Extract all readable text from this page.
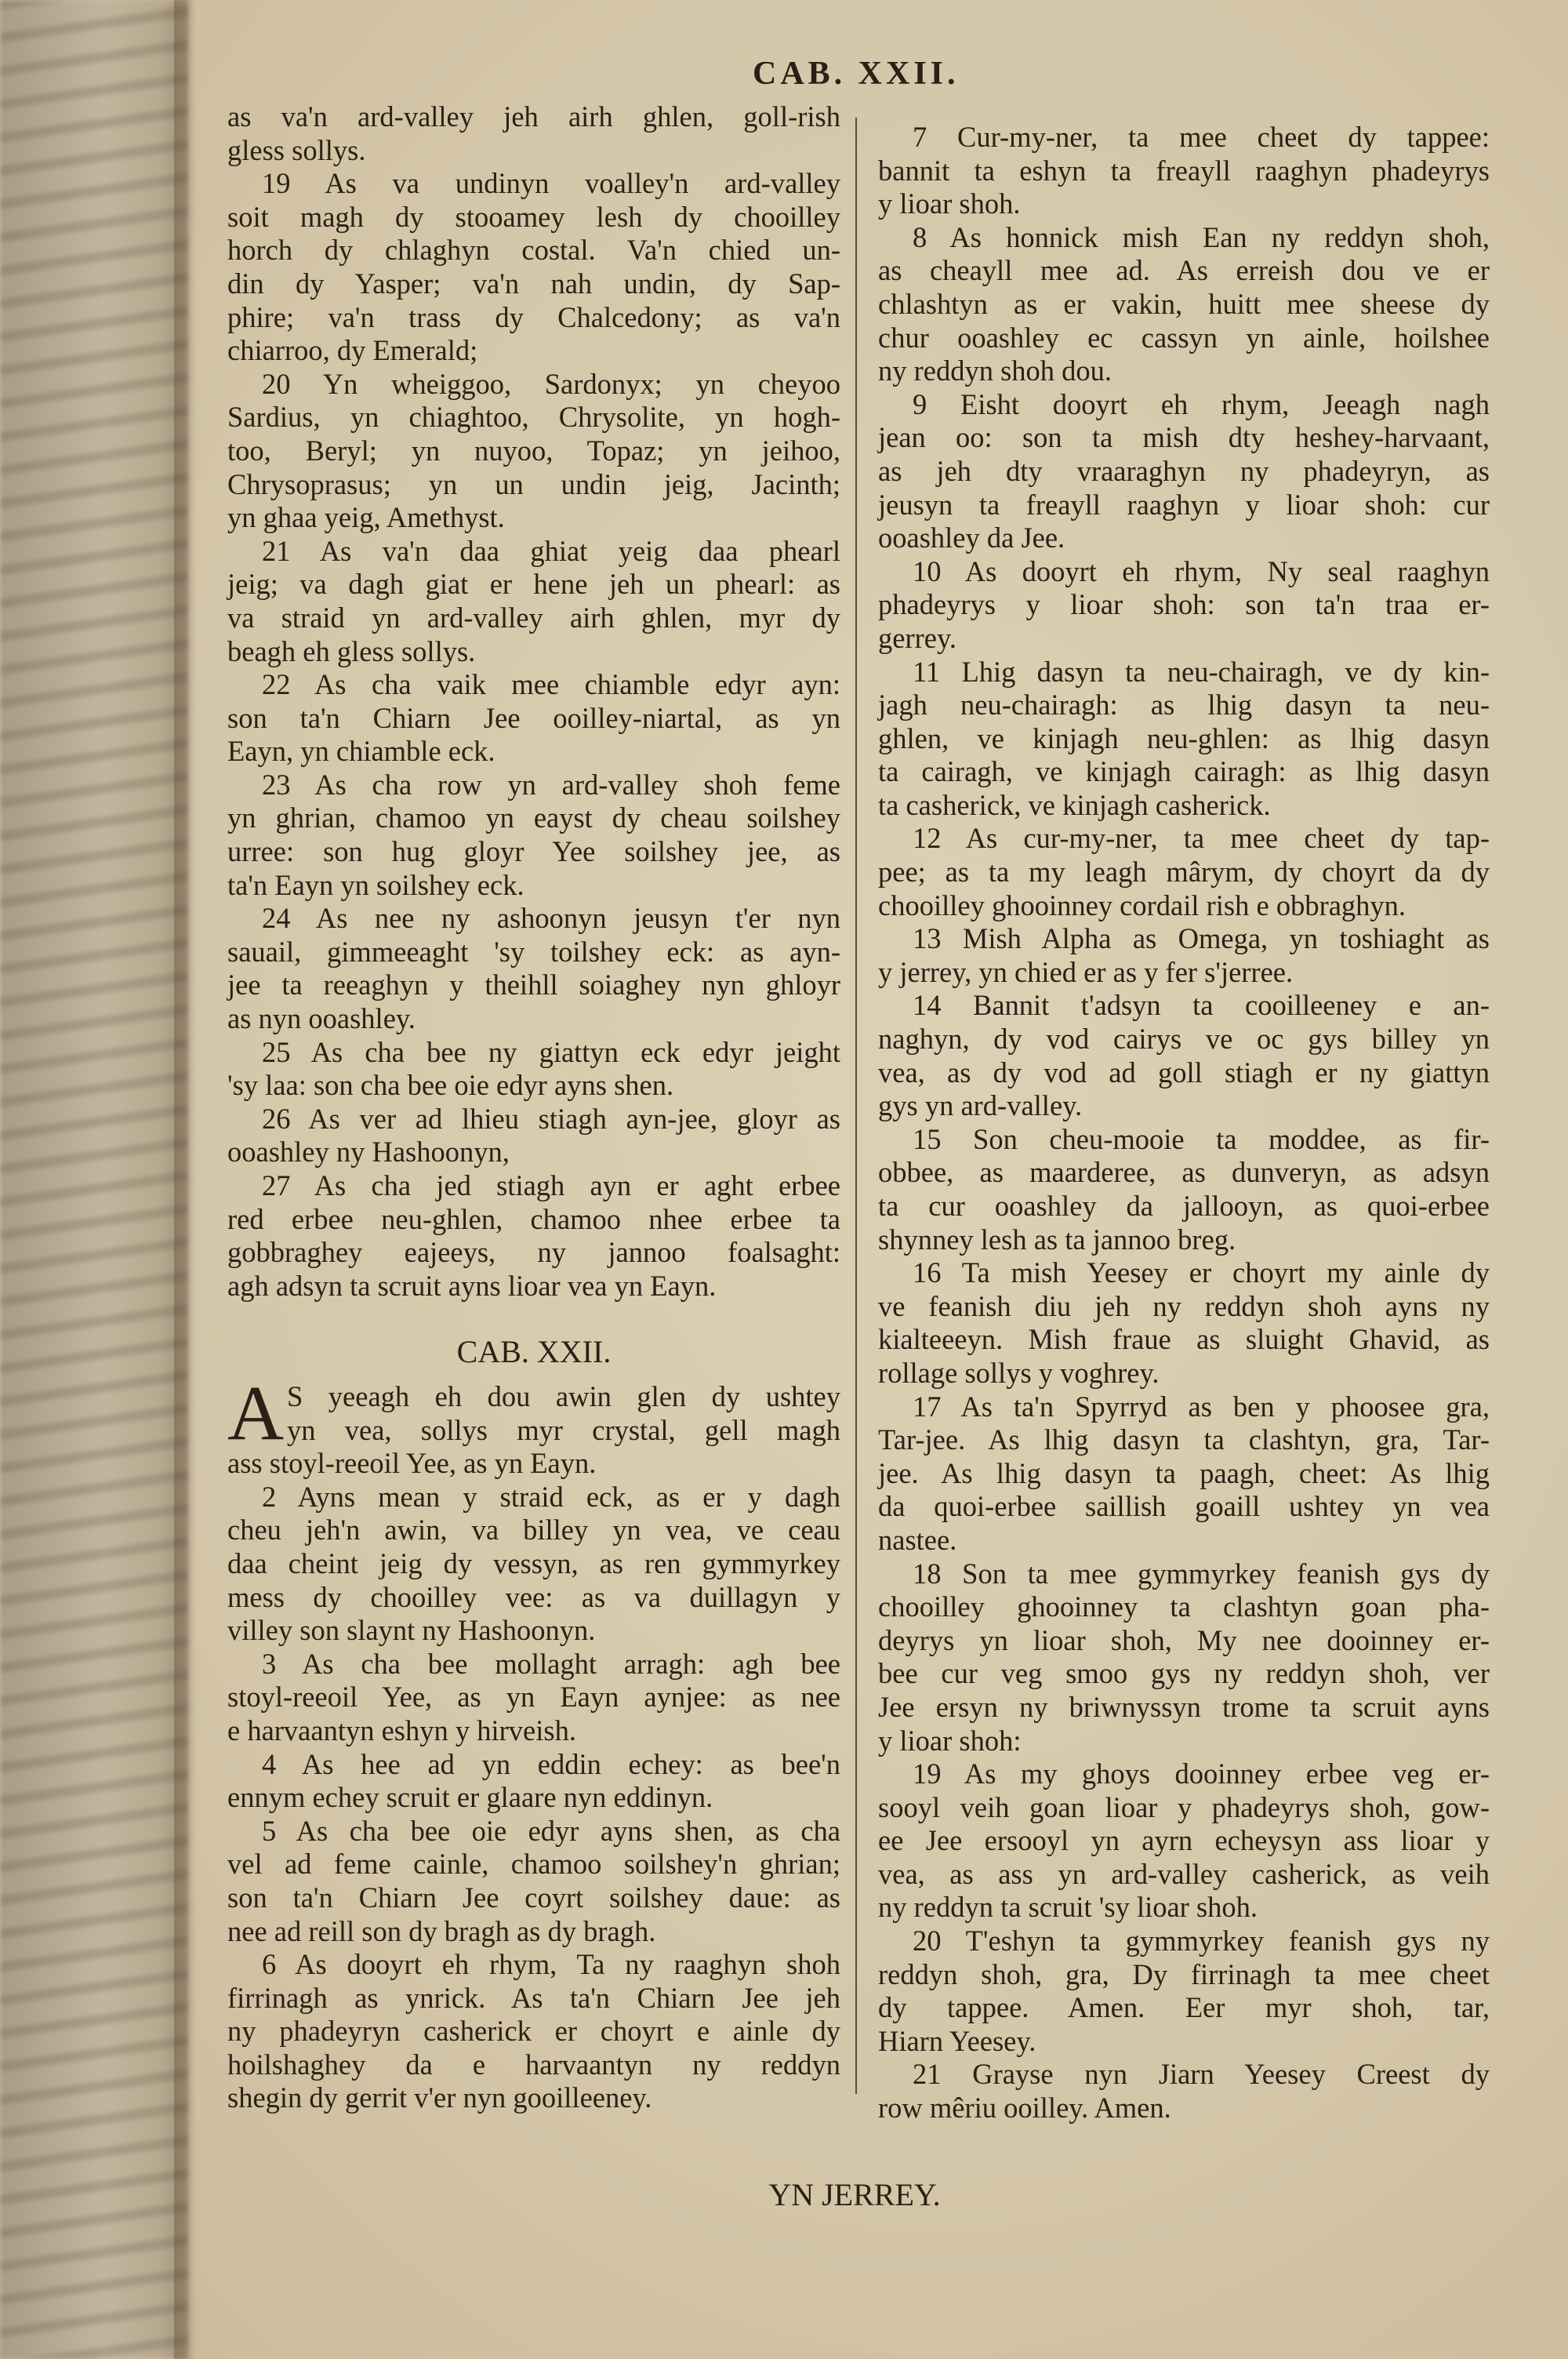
CAB. XXII.
as va'n ard-valley jeh airh ghlen, goll-rish
gless sollys.
19 As va undinyn voalley'n ard-valley
soit magh dy stooamey lesh dy chooilley
horch dy chlaghyn costal. Va'n chied un-
din dy Yasper; va'n nah undin, dy Sap-
phire; va'n trass dy Chalcedony; as va'n
chiarroo, dy Emerald;
20 Yn wheiggoo, Sardonyx; yn cheyoo
Sardius, yn chiaghtoo, Chrysolite, yn hogh-
too, Beryl; yn nuyoo, Topaz; yn jeihoo,
Chrysoprasus; yn un undin jeig, Jacinth;
yn ghaa yeig, Amethyst.
21 As va'n daa ghiat yeig daa phearl
jeig; va dagh giat er hene jeh un phearl: as
va straid yn ard-valley airh ghlen, myr dy
beagh eh gless sollys.
22 As cha vaik mee chiamble edyr ayn:
son ta'n Chiarn Jee ooilley-niartal, as yn
Eayn, yn chiamble eck.
23 As cha row yn ard-valley shoh feme
yn ghrian, chamoo yn eayst dy cheau soilshey
urree: son hug gloyr Yee soilshey jee, as
ta'n Eayn yn soilshey eck.
24 As nee ny ashoonyn jeusyn t'er nyn
sauail, gimmeeaght 'sy toilshey eck: as ayn-
jee ta reeaghyn y theihll soiaghey nyn ghloyr
as nyn ooashley.
25 As cha bee ny giattyn eck edyr jeight
'sy laa: son cha bee oie edyr ayns shen.
26 As ver ad lhieu stiagh ayn-jee, gloyr as
ooashley ny Hashoonyn,
27 As cha jed stiagh ayn er aght erbee
red erbee neu-ghlen, chamoo nhee erbee ta
gobbraghey eajeeys, ny jannoo foalsaght:
agh adsyn ta scruit ayns lioar vea yn Eayn.
CAB. XXII.
A S yeeagh eh dou awin glen dy ushtey
yn vea, sollys myr crystal, gell magh
ass stoyl-reeoil Yee, as yn Eayn.
2 Ayns mean y straid eck, as er y dagh
cheu jeh'n awin, va billey yn vea, ve ceau
daa cheint jeig dy vessyn, as ren gymmyrkey
mess dy chooilley vee: as va duillagyn y
villey son slaynt ny Hashoonyn.
3 As cha bee mollaght arragh: agh bee
stoyl-reeoil Yee, as yn Eayn aynjee: as nee
e harvaantyn eshyn y hirveish.
4 As hee ad yn eddin echey: as bee'n
ennym echey scruit er glaare nyn eddinyn.
5 As cha bee oie edyr ayns shen, as cha
vel ad feme cainle, chamoo soilshey'n ghrian;
son ta'n Chiarn Jee coyrt soilshey daue: as
nee ad reill son dy bragh as dy bragh.
6 As dooyrt eh rhym, Ta ny raaghyn shoh
firrinagh as ynrick. As ta'n Chiarn Jee jeh
ny phadeyryn casherick er choyrt e ainle dy
hoilshaghey da e harvaantyn ny reddyn
shegin dy gerrit v'er nyn gooilleeney.
7 Cur-my-ner, ta mee cheet dy tappee:
bannit ta eshyn ta freayll raaghyn phadeyrys
y lioar shoh.
8 As honnick mish Ean ny reddyn shoh,
as cheayll mee ad. As erreish dou ve er
chlashtyn as er vakin, huitt mee sheese dy
chur ooashley ec cassyn yn ainle, hoilshee
ny reddyn shoh dou.
9 Eisht dooyrt eh rhym, Jeeagh nagh
jean oo: son ta mish dty heshey-harvaant,
as jeh dty vraaraghyn ny phadeyryn, as
jeusyn ta freayll raaghyn y lioar shoh: cur
ooashley da Jee.
10 As dooyrt eh rhym, Ny seal raaghyn
phadeyrys y lioar shoh: son ta'n traa er-
gerrey.
11 Lhig dasyn ta neu-chairagh, ve dy kin-
jagh neu-chairagh: as lhig dasyn ta neu-
ghlen, ve kinjagh neu-ghlen: as lhig dasyn
ta cairagh, ve kinjagh cairagh: as lhig dasyn
ta casherick, ve kinjagh casherick.
12 As cur-my-ner, ta mee cheet dy tap-
pee; as ta my leagh mârym, dy choyrt da dy
chooilley ghooinney cordail rish e obbraghyn.
13 Mish Alpha as Omega, yn toshiaght as
y jerrey, yn chied er as y fer s'jerree.
14 Bannit t'adsyn ta cooilleeney e an-
naghyn, dy vod cairys ve oc gys billey yn
vea, as dy vod ad goll stiagh er ny giattyn
gys yn ard-valley.
15 Son cheu-mooie ta moddee, as fir-
obbee, as maarderee, as dunveryn, as adsyn
ta cur ooashley da jallooyn, as quoi-erbee
shynney lesh as ta jannoo breg.
16 Ta mish Yeesey er choyrt my ainle dy
ve feanish diu jeh ny reddyn shoh ayns ny
kialteeeyn. Mish fraue as sluight Ghavid, as
rollage sollys y voghrey.
17 As ta'n Spyrryd as ben y phoosee gra,
Tar-jee. As lhig dasyn ta clashtyn, gra, Tar-
jee. As lhig dasyn ta paagh, cheet: As lhig
da quoi-erbee saillish goaill ushtey yn vea
nastee.
18 Son ta mee gymmyrkey feanish gys dy
chooilley ghooinney ta clashtyn goan pha-
deyrys yn lioar shoh, My nee dooinney er-
bee cur veg smoo gys ny reddyn shoh, ver
Jee ersyn ny briwnyssyn trome ta scruit ayns
y lioar shoh:
19 As my ghoys dooinney erbee veg er-
sooyl veih goan lioar y phadeyrys shoh, gow-
ee Jee ersooyl yn ayrn echeysyn ass lioar y
vea, as ass yn ard-valley casherick, as veih
ny reddyn ta scruit 'sy lioar shoh.
20 T'eshyn ta gymmyrkey feanish gys ny
reddyn shoh, gra, Dy firrinagh ta mee cheet
dy tappee. Amen. Eer myr shoh, tar,
Hiarn Yeesey.
21 Grayse nyn Jiarn Yeesey Creest dy
row mêriu ooilley. Amen.
YN JERREY.
